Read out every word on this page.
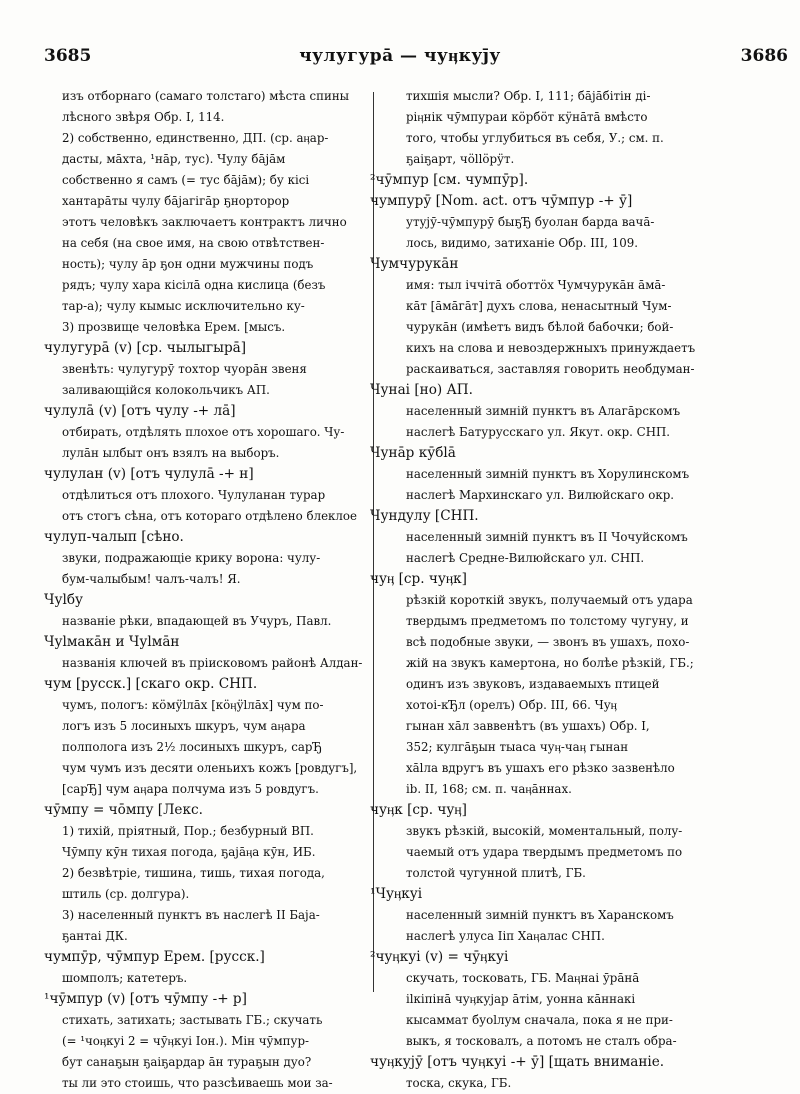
3685	чулугура̄ — чуӊкуј̄у	3686
изъ отборнаго (самаго толстаго) мѣста спины
лѣсного звѣря Обр. I, 114.
2) собственно, единственно, ДП. (ср. аӊар-
дасты, ма̄хта, ¹на̄р, тус). Чулу ба̄ја̄м
собственно я самъ (= тус ба̄ја̄м); бу кісі
хантара̄ты чулу ба̄јагіга̄р ҕнорторор
этотъ человѣкъ заключаетъ контрактъ лично
на себя (на свое имя, на свою отвѣтствен-
ность); чулу а̄р ҕон одни мужчины подъ
рядъ; чулу хара кісіла̄ одна кислица (безъ
тар-а); чулу кымыс исключительно ку-
3) прозвище человѣка Ерем. [мысъ.
чулугура̄ (v) [ср. чылыгыра̄]
звенѣть: чулугурӯ тохтор чуора̄н звеня
заливающійся колокольчикъ АП.
чулула̄ (v) [отъ чулу -+ ла̄]
отбирать, отдѣлять плохое отъ хорошаго. Чу-
лула̄н ылбыт онъ взялъ на выборъ.
чулулан (v) [отъ чулула̄ -+ н]
отдѣлиться отъ плохого. Чулуланан турар
отъ стогъ сѣна, отъ котораго отдѣлено блеклое
чулуп-чалып [сѣно.
звуки, подражающіе крику ворона: чулу-
бум-чалыбым! чалъ-чалъ! Я.
Чуlбу
названіе рѣки, впадающей въ Учуръ, Павл.
Чуlмака̄н и Чуlма̄н
названія ключей въ пріисковомъ районѣ Алдан-
чум [русск.] [скаго окр. СНП.
чумъ, пологъ: кӧмӱlла̄х [кӧӊӱlла̄х] чум по-
логъ изъ 5 лосиныхъ шкуръ, чум аӊара
полполога изъ 2½ лосиныхъ шкуръ, сарЂ
чум чумъ изъ десяти оленьихъ кожъ [ровдугъ],
[сарЂ] чум аӊара полчума изъ 5 ровдугъ.
чӯмпу = чо̄мпу [Лекс.
1) тихій, пріятный, Пор.; безбурный ВП.
Чӯмпу кӯн тихая погода, ҕаја̄ӊа кӯн, ИБ.
2) безвѣтріе, тишина, тишь, тихая погода,
штиль (ср. долгура).
3) населенный пунктъ въ наслегѣ II Баја-
ҕантаі ДК.
чумпӯр, чӯмпур Ерем. [русск.]
шомполъ; катетеръ.
¹чӯмпур (v) [отъ чӯмпу -+ р]
стихать, затихать; застывать ГБ.; скучать
(= ¹чоӊкуі 2 = чӯӊкуі Іон.). Мін чӯмпур-
бут санаҕын ҕаіҕардар а̄н тураҕын дуо?
ты ли это стоишь, что разсѣиваешь мои за-
тихшія мысли? Обр. I, 111; ба̄ја̄бітін ді-
ріӊнік чӯмпураи кӧрбӧт кӱна̄та̄ вмѣсто
того, чтобы углубиться въ себя, У.; см. п.
ҕаіҕарт, чӧllӧрӱт.
²чӯмпур [см. чумпӯр].
чумпурӯ [Nom. act. отъ чӯмпур -+ ӯ]
утујӯ-чӯмпурӯ быҕЂ буолан барда вача̄-
лось, видимо, затиханіе Обр. III, 109.
Чумчурука̄н
имя: тыл іччіта̄ оботтӧх Чумчурука̄н а̄ма̄-
ка̄т [а̄ма̄га̄т] духъ слова, ненасытный Чум-
чурука̄н (имѣетъ видъ бѣлой бабочки; бой-
кихъ на слова и невоздержныхъ принуждаетъ
раскаиваться, заставляя говорить необдуман-
Чунаі [но) АП.
населенный зимній пунктъ въ Алага̄рскомъ
наслегѣ Батурусскаго ул. Якут. окр. СНП.
Чуна̄р кӯбlа̄
населенный зимній пунктъ въ Хорулинскомъ
наслегѣ Мархинскаго ул. Вилюйскаго окр.
Чундулу [СНП.
населенный зимній пунктъ въ II Чочуйскомъ
наслегѣ Средне-Вилюйскаго ул. СНП.
чуӊ [ср. чуӊк]
рѣзкій короткій звукъ, получаемый отъ удара
твердымъ предметомъ по толстому чугуну, и
всѣ подобные звуки, — звонъ въ ушахъ, похо-
жій на звукъ камертона, но болѣе рѣзкій, ГБ.;
одинъ изъ звуковъ, издаваемыхъ птицей
хотоі-кЂл (орелъ) Обр. III, 66. Чуӊ
гынан ха̄л заввенѣтъ (въ ушахъ) Обр. I,
352; кулга̄ҕын тыаса чуӊ-чаӊ гынан
ха̄lла вдругъ въ ушахъ его рѣзко зазвенѣло
ib. II, 168; см. п. чаӊа̄ннах.
чуӊк [ср. чуӊ]
звукъ рѣзкій, высокій, моментальный, полу-
чаемый отъ удара твердымъ предметомъ по
толстой чугунной плитѣ, ГБ.
¹Чуӊкуі
населенный зимній пунктъ въ Харанскомъ
наслегѣ улуса Ііп Хаӊалас СНП.
²чуӊкуі (v) = чӯӊкуі
скучать, тосковать, ГБ. Маӊнаі ӯра̄на̄
іlкіпіна̄ чуӊкујар а̄тім, уонна ка̄ннакі
кысаммат буоlлум сначала, пока я не при-
выкъ, я тосковалъ, а потомъ не сталъ обра-
чуӊкујӯ [отъ чуӊкуі -+ ӯ] [щать вниманіе.
тоска, скука, ГБ.
